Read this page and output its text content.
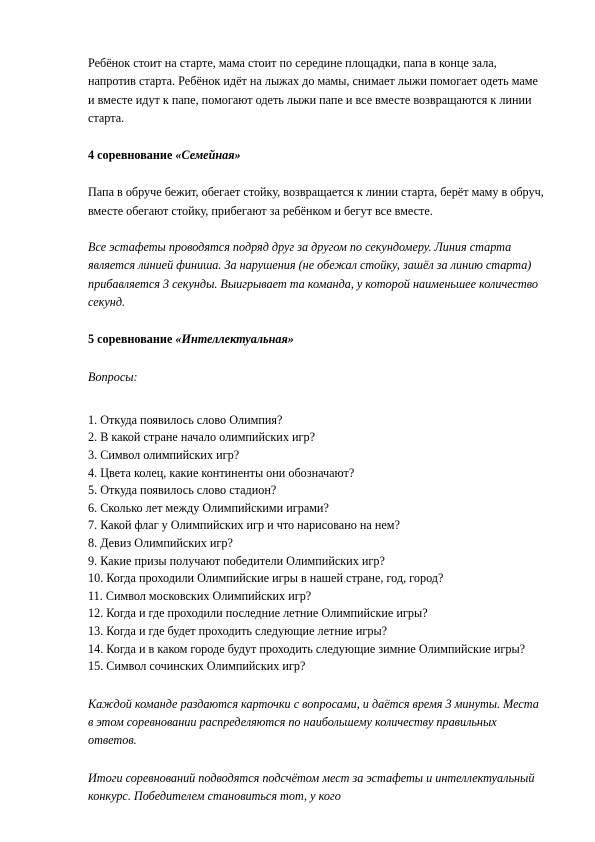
Ребёнок стоит на старте, мама стоит по середине площадки, папа в конце зала, напротив старта. Ребёнок идёт на лыжах до мамы, снимает лыжи помогает одеть маме и вместе идут к папе, помогают одеть лыжи папе и все вместе возвращаются к линии старта.

4 соревнование «Семейная»

Папа в обруче бежит, обегает стойку, возвращается к линии старта, берёт маму в обруч, вместе обегают стойку, прибегают за ребёнком и бегут все вместе.

Все эстафеты проводятся подряд друг за другом по секундомеру. Линия старта является линией финиша. За нарушения (не обежал стойку, зашёл за линию старта) прибавляется 3 секунды. Выигрывает та команда, у которой наименьшее количество секунд.

5 соревнование «Интеллектуальная»

Вопросы:

1. Откуда появилось слово Олимпия?
2. В какой стране начало олимпийских игр?
3. Символ олимпийских игр?
4. Цвета колец, какие континенты они обозначают?
5. Откуда появилось слово стадион?
6. Сколько лет между Олимпийскими играми?
7. Какой флаг у Олимпийских игр и что нарисовано на нем?
8. Девиз Олимпийских игр?
9. Какие призы получают победители Олимпийских игр?
10. Когда проходили Олимпийские игры в нашей стране, год, город?
11. Символ московских Олимпийских игр?
12. Когда и где проходили последние летние Олимпийские игры?
13. Когда и где будет проходить следующие летние игры?
14. Когда и в каком городе будут проходить следующие зимние Олимпийские игры?
15. Символ сочинских Олимпийских игр?

Каждой команде раздаются карточки с вопросами, и даётся время 3 минуты. Места в этом соревновании распределяются по наибольшему количеству правильных ответов.

Итоги соревнований подводятся подсчётом мест за эстафеты и интеллектуальный конкурс. Победителем становиться тот, у кого
